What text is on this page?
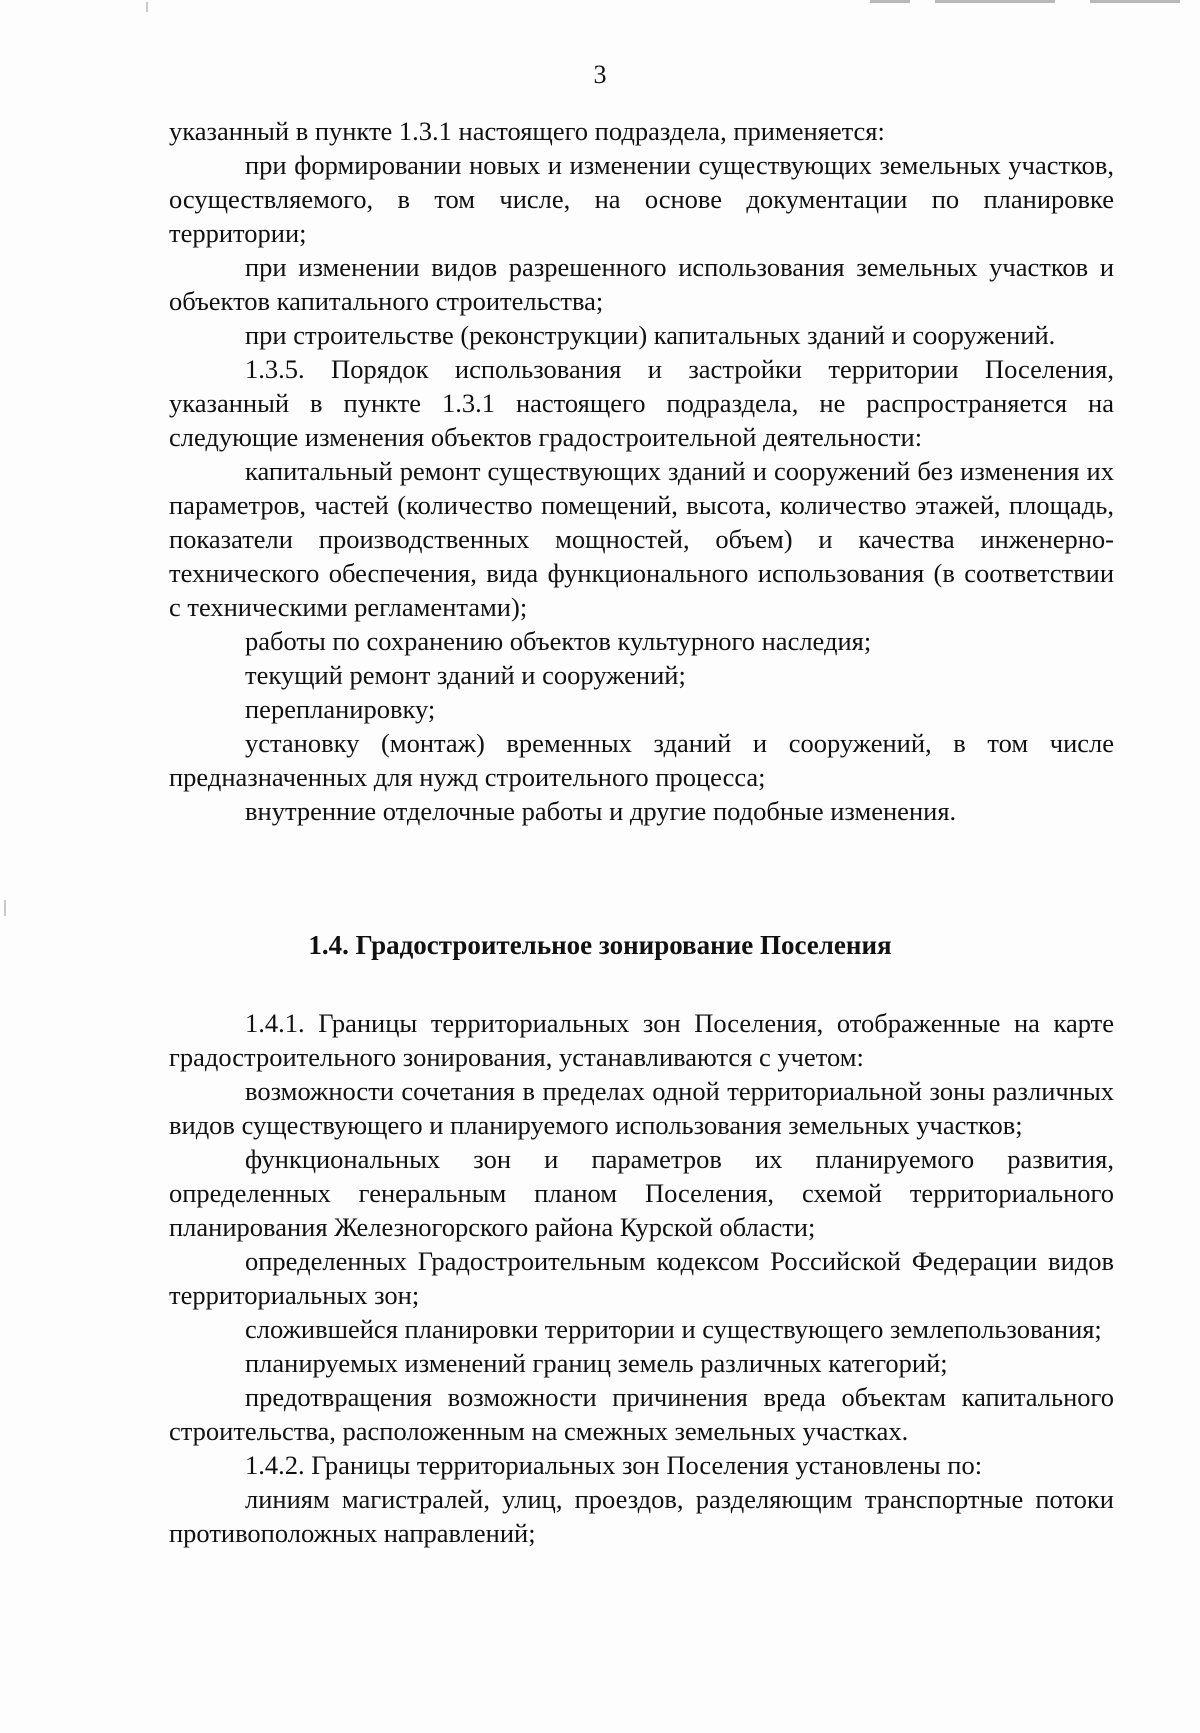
3

указанный в пункте 1.3.1 настоящего подраздела, применяется:

при формировании новых и изменении существующих земельных участков, осуществляемого, в том числе, на основе документации по планировке территории;

при изменении видов разрешенного использования земельных участков и объектов капитального строительства;

при строительстве (реконструкции) капитальных зданий и сооружений.

1.3.5. Порядок использования и застройки территории Поселения, указанный в пункте 1.3.1 настоящего подраздела, не распространяется на следующие изменения объектов градостроительной деятельности:

капитальный ремонт существующих зданий и сооружений без изменения их параметров, частей (количество помещений, высота, количество этажей, площадь, показатели производственных мощностей, объем) и качества инженерно-технического обеспечения, вида функционального использования (в соответствии с техническими регламентами);

работы по сохранению объектов культурного наследия;

текущий ремонт зданий и сооружений;

перепланировку;

установку (монтаж) временных зданий и сооружений, в том числе предназначенных для нужд строительного процесса;

внутренние отделочные работы и другие подобные изменения.

1.4. Градостроительное зонирование Поселения

1.4.1. Границы территориальных зон Поселения, отображенные на карте градостроительного зонирования, устанавливаются с учетом:

возможности сочетания в пределах одной территориальной зоны различных видов существующего и планируемого использования земельных участков;

функциональных зон и параметров их планируемого развития, определенных генеральным планом Поселения, схемой территориального планирования Железногорского района Курской области;

определенных Градостроительным кодексом Российской Федерации видов территориальных зон;

сложившейся планировки территории и существующего землепользования;

планируемых изменений границ земель различных категорий;

предотвращения возможности причинения вреда объектам капитального строительства, расположенным на смежных земельных участках.

1.4.2. Границы территориальных зон Поселения установлены по:

линиям магистралей, улиц, проездов, разделяющим транспортные потоки противоположных направлений;
